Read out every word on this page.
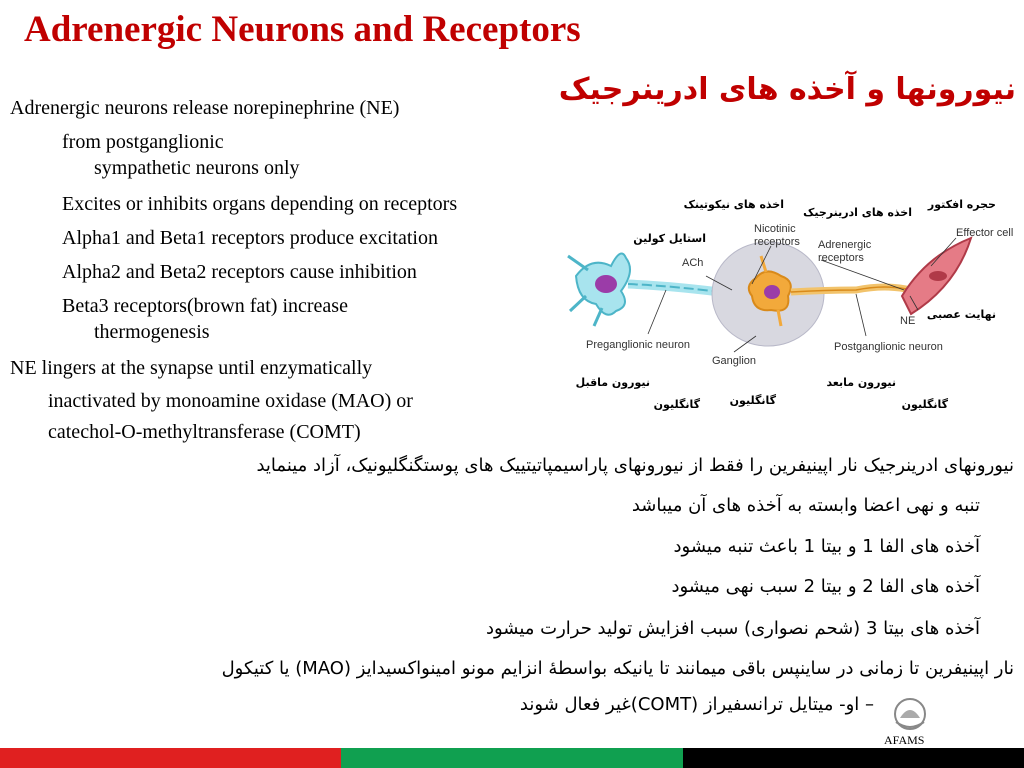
Adrenergic Neurons and Receptors
نیورونها و آخذه های ادرینرجیک
Adrenergic neurons release norepinephrine (NE)
from postganglionic
sympathetic neurons only
Excites or inhibits organs depending on receptors
Alpha1 and Beta1 receptors produce excitation
Alpha2 and Beta2 receptors cause inhibition
Beta3 receptors(brown fat) increase
thermogenesis
NE lingers at the synapse until enzymatically
inactivated by monoamine oxidase (MAO) or
catechol-O-methyltransferase (COMT)
Effector cell
Nicotinic
receptors Adrenergic
receptors
ACh
NE
Preganglionic neuron
Ganglion
Postganglionic neuron
حجره افکتور
اخذه های ادرینرجیک
اخذه های نیکوتینک
استایل کولین
نهایت عصبی
نیورون ماقبل
گانگلیون	گانگلیون
نیورون مابعد
گانگلیون
نیورونهای ادرینرجیک نار اپینیفرین را فقط از نیورونهای پاراسیمپاتیتییک های پوستگنگلیونیک، آزاد مینماید
تنبه و نهی اعضا وابسته به آخذه های آن میباشد
آخذه های الفا 1 و بیتا 1 باعث تنبه میشود
آخذه های الفا 2 و بیتا 2 سبب نهی میشود
آخذه های بیتا 3 (شحم نصواری) سبب افزایش تولید حرارت میشود
نار اپینیفرین تا زمانی در ساینپس باقی میمانند تا یانیکه بواسطهٔ انزایم مونو امینواکسیدایز (MAO) یا کتیکول
– او- میتایل ترانسفیراز (COMT)غیر فعال شوند
AFAMS
